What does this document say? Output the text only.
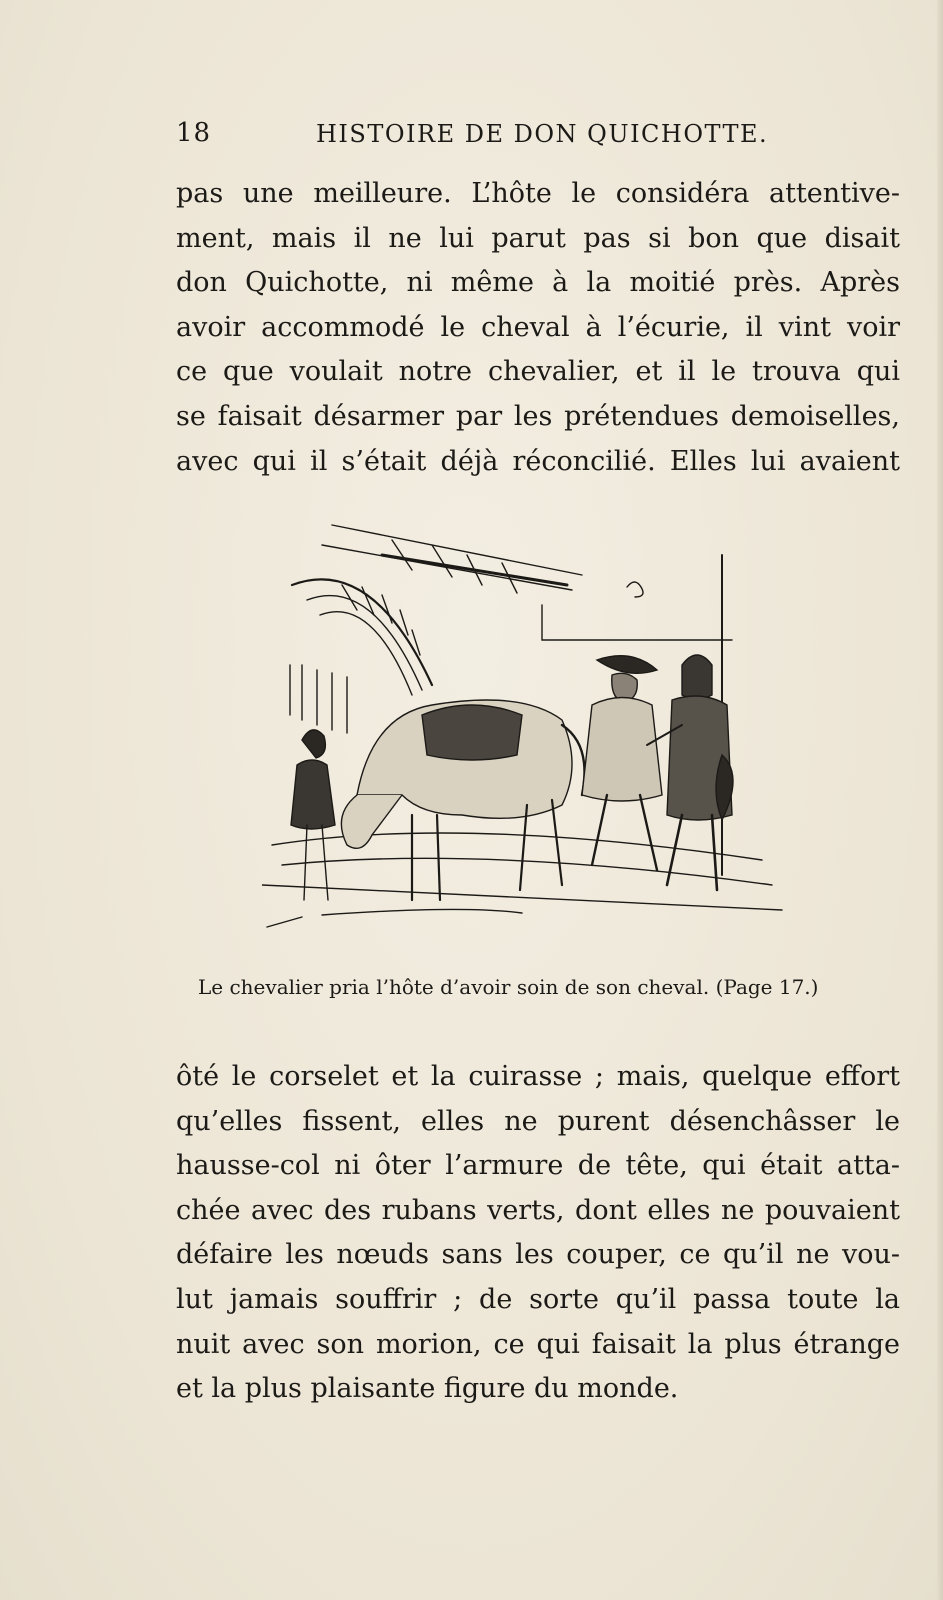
18	HISTOIRE DE DON QUICHOTTE.
pas une meilleure. L’hôte le considéra attentive-
ment, mais il ne lui parut pas si bon que disait
don Quichotte, ni même à la moitié près. Après
avoir accommodé le cheval à l’écurie, il vint voir
ce que voulait notre chevalier, et il le trouva qui
se faisait désarmer par les prétendues demoiselles,
avec qui il s’était déjà réconcilié. Elles lui avaient
Le chevalier pria l’hôte d’avoir soin de son cheval. (Page 17.)
ôté le corselet et la cuirasse ; mais, quelque effort
qu’elles fissent, elles ne purent désenchâsser le
hausse-col ni ôter l’armure de tête, qui était atta-
chée avec des rubans verts, dont elles ne pouvaient
défaire les nœuds sans les couper, ce qu’il ne vou-
lut jamais souffrir ; de sorte qu’il passa toute la
nuit avec son morion, ce qui faisait la plus étrange
et la plus plaisante figure du monde.
